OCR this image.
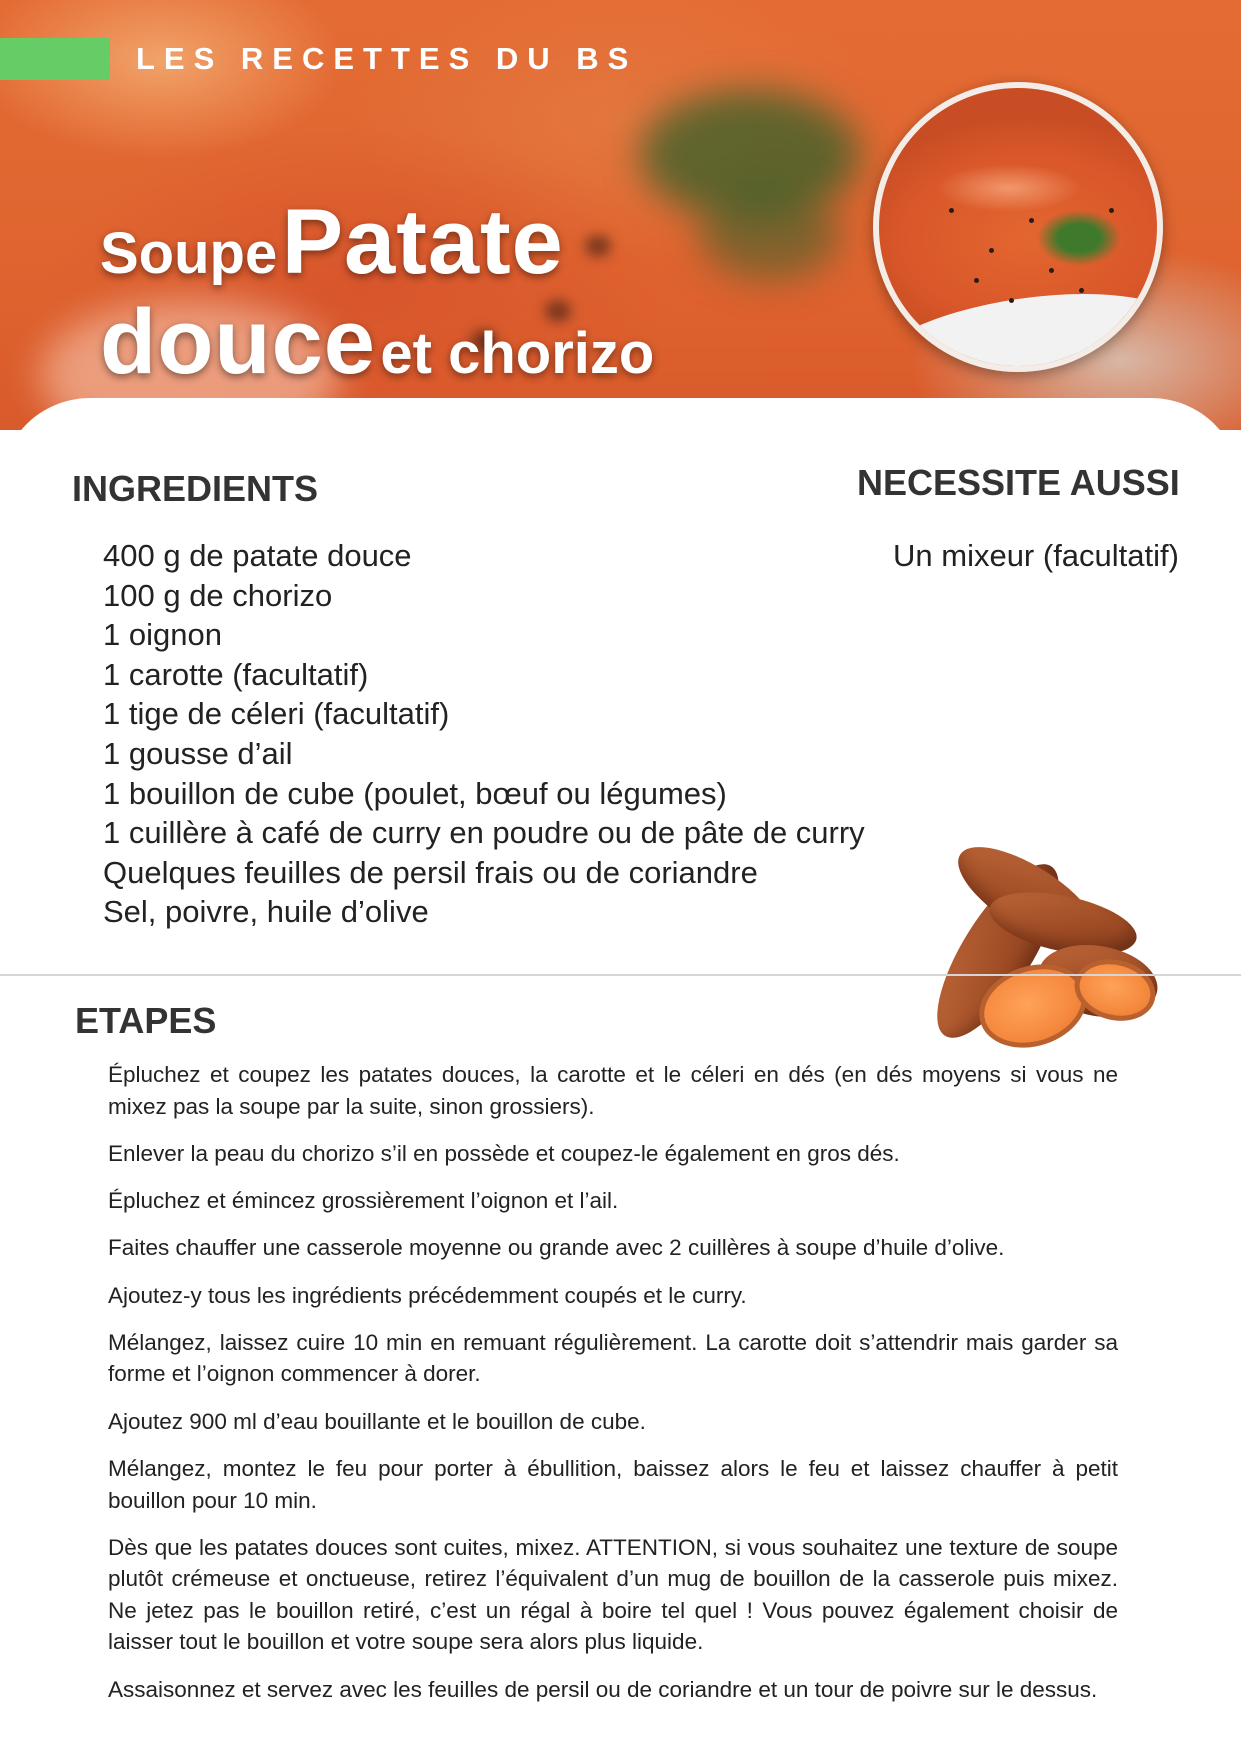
LES RECETTES DU BS
Soupe Patate
douce et chorizo
INGREDIENTS
400 g de patate douce
100 g de chorizo
1 oignon
1 carotte (facultatif)
1 tige de céleri (facultatif)
1 gousse d’ail
1 bouillon de cube (poulet, bœuf ou légumes)
1 cuillère à café de curry en poudre ou de pâte de curry
Quelques feuilles de persil frais ou de coriandre
Sel, poivre, huile d’olive
NECESSITE AUSSI
Un mixeur (facultatif)
ETAPES
Épluchez et coupez les patates douces, la carotte et le céleri en dés (en dés moyens si vous ne mixez pas la soupe par la suite, sinon grossiers).
Enlever la peau du chorizo s’il en possède et coupez-le également en gros dés.
Épluchez et émincez grossièrement l’oignon et l’ail.
Faites chauffer une casserole moyenne ou grande avec 2 cuillères à soupe d’huile d’olive.
Ajoutez-y tous les ingrédients précédemment coupés et le curry.
Mélangez, laissez cuire 10 min en remuant régulièrement. La carotte doit s’attendrir mais garder sa forme et l’oignon commencer à dorer.
Ajoutez 900 ml d’eau bouillante et le bouillon de cube.
Mélangez, montez le feu pour porter à ébullition, baissez alors le feu et laissez chauffer à petit bouillon pour 10 min.
Dès que les patates douces sont cuites, mixez. ATTENTION, si vous souhaitez une texture de soupe plutôt crémeuse et onctueuse, retirez l’équivalent d’un mug de bouillon de la casserole puis mixez. Ne jetez pas le bouillon retiré, c’est un régal à boire tel quel ! Vous pouvez également choisir de laisser tout le bouillon et votre soupe sera alors plus liquide.
Assaisonnez et servez avec les feuilles de persil ou de coriandre et un tour de poivre sur le dessus.
